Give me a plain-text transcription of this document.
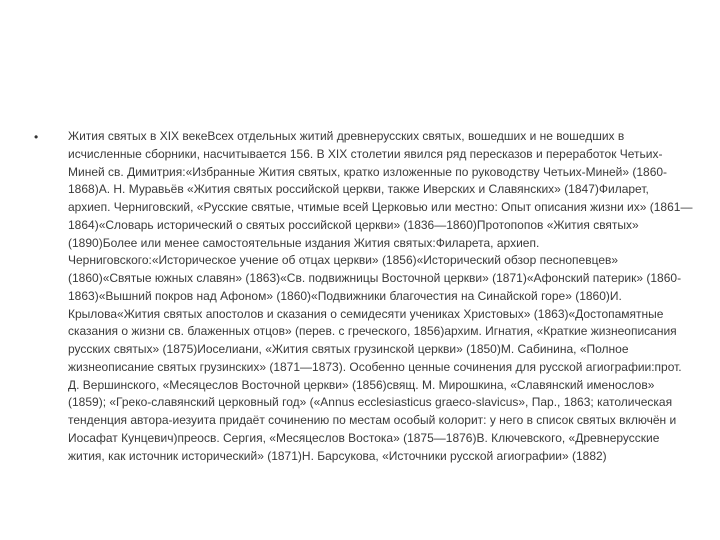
• Жития святых в XIX векеВсех отдельных житий древнерусских святых, вошедших и не вошедших в исчисленные сборники, насчитывается 156. В XIX столетии явился ряд пересказов и переработок Четьих-Миней св. Димитрия:«Избранные Жития святых, кратко изложенные по руководству Четьих-Миней» (1860-1868)А. Н. Муравьёв «Жития святых российской церкви, также Иверских и Славянских» (1847)Филарет, архиеп. Черниговский, «Русские святые, чтимые всей Церковью или местно: Опыт описания жизни их» (1861—1864)«Словарь исторический о святых российской церкви» (1836—1860)Протопопов «Жития святых» (1890)Более или менее самостоятельные издания Жития святых:Филарета, архиеп. Черниговского:«Историческое учение об отцах церкви» (1856)«Исторический обзор песнопевцев» (1860)«Святые южных славян» (1863)«Св. подвижницы Восточной церкви» (1871)«Афонский патерик» (1860-1863)«Вышний покров над Афоном» (1860)«Подвижники благочестия на Синайской горе» (1860)И. Крылова«Жития святых апостолов и сказания о семидесяти учениках Христовых» (1863)«Достопамятные сказания о жизни св. блаженных отцов» (перев. с греческого, 1856)архим. Игнатия, «Краткие жизнеописания русских святых» (1875)Иоселиани, «Жития святых грузинской церкви» (1850)М. Сабинина, «Полное жизнеописание святых грузинских» (1871—1873). Особенно ценные сочинения для русской агиографии:прот. Д. Вершинского, «Месяцеслов Восточной церкви» (1856)свящ. М. Мирошкина, «Славянский именослов» (1859); «Греко-славянский церковный год» («Annus ecclesiasticus graeco-slavicus», Пар., 1863; католическая тенденция автора-иезуита придаёт сочинению по местам особый колорит: у него в список святых включён и Иосафат Кунцевич)преосв. Сергия, «Месяцеслов Востока» (1875—1876)В. Ключевского, «Древнерусские жития, как источник исторический» (1871)Н. Барсукова, «Источники русской агиографии» (1882)
